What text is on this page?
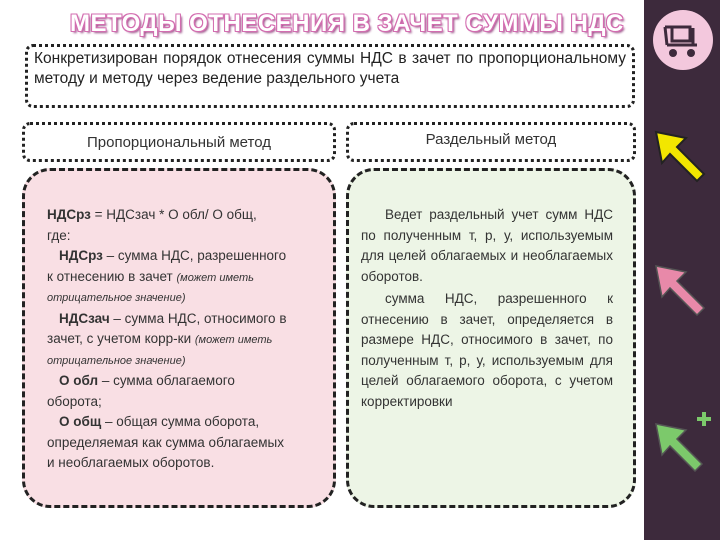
МЕТОДЫ ОТНЕСЕНИЯ В ЗАЧЕТ СУММЫ НДС
Конкретизирован порядок отнесения суммы НДС в зачет по пропорциональному методу и методу через ведение раздельного учета
Пропорциональный метод	Раздельный метод
НДСрз = НДСзач * О обл/ О общ,
где:
НДСрз – сумма НДС, разрешенного
к отнесению в зачет (может иметь
отрицательное значение)
НДСзач – сумма НДС, относимого в
зачет, с учетом корр-ки (может иметь
отрицательное значение)
О обл – сумма облагаемого
оборота;
О общ – общая сумма оборота,
определяемая как сумма облагаемых
и необлагаемых оборотов.
Ведет раздельный учет сумм НДС по полученным т, р, у, используемым для целей облагаемых и необлагаемых оборотов.
сумма НДС, разрешенного к отнесению в зачет, определяется в размере НДС, относимого в зачет, по полученным т, р, у, используемым для целей облагаемого оборота, с учетом корректировки
